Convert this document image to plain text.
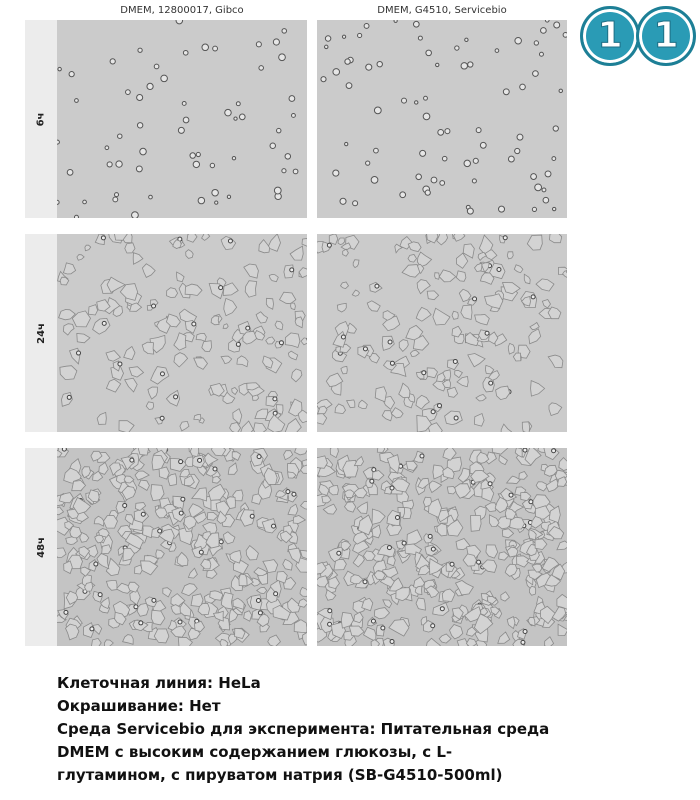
DMEM, 12800017, Gibco	DMEM, G4510, Servicebio
1 1
6ч
24ч
48ч
Клеточная линия: HeLa
Окрашивание: Нет
Среда Servicebio для эксперимента: Питательная среда
DMEM с высоким содержанием глюкозы, с L-
глутамином, с пируватом натрия (SB-G4510-500ml)
